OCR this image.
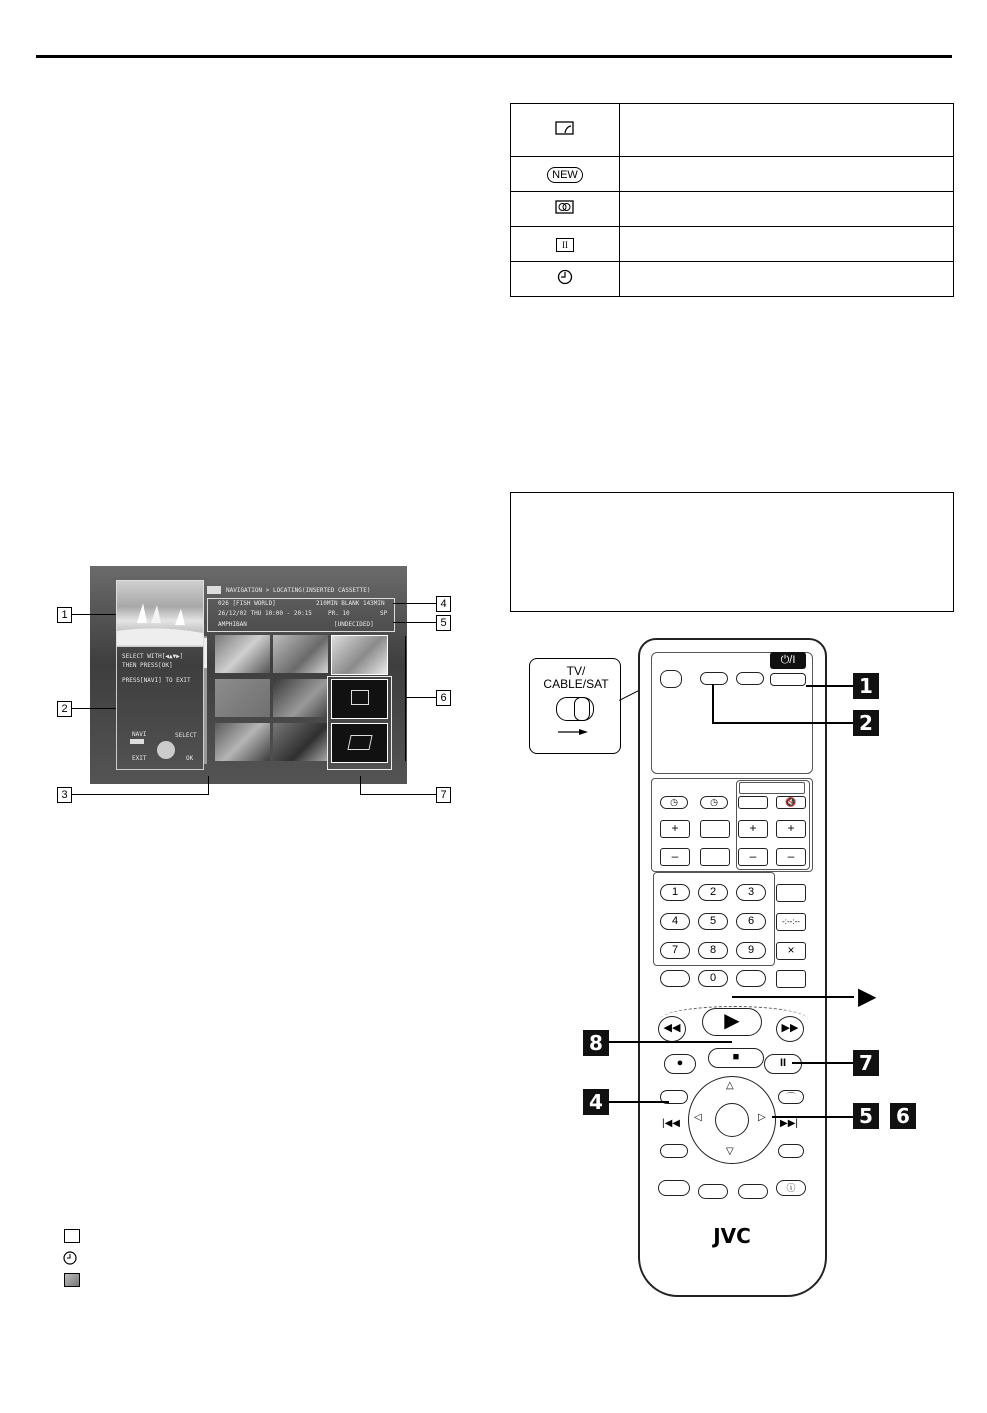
NEW	

II	

NAVIGATION > LOCATING(INSERTED CASSETTE)
SELECT WITH[◀▲▼▶]
THEN PRESS[OK]
PRESS[NAVI] TO EXIT
NAVI
EXIT
SELECT
OK
026 [FISH WORLD]	210MIN BLANK 143MIN
26/12/02 THU 10:00 - 20:15	PR. 10	SP
AMPHIBAN	[UNDECIDED]
1
2
3
4
5
6
7
TV/
CABLE/SAT
⏻/I
◷	◷	🔇
+	+	+
–	–	–
1	2	3
4	5	6
7	8	9
0
-:--:--
×
◀◀	▶	▶▶
●	■	II
△
▽
◁	▷
⌒
|◀◀	▶▶|
ⓘ
JVC
1
2
8
4
7
5	6
▶
